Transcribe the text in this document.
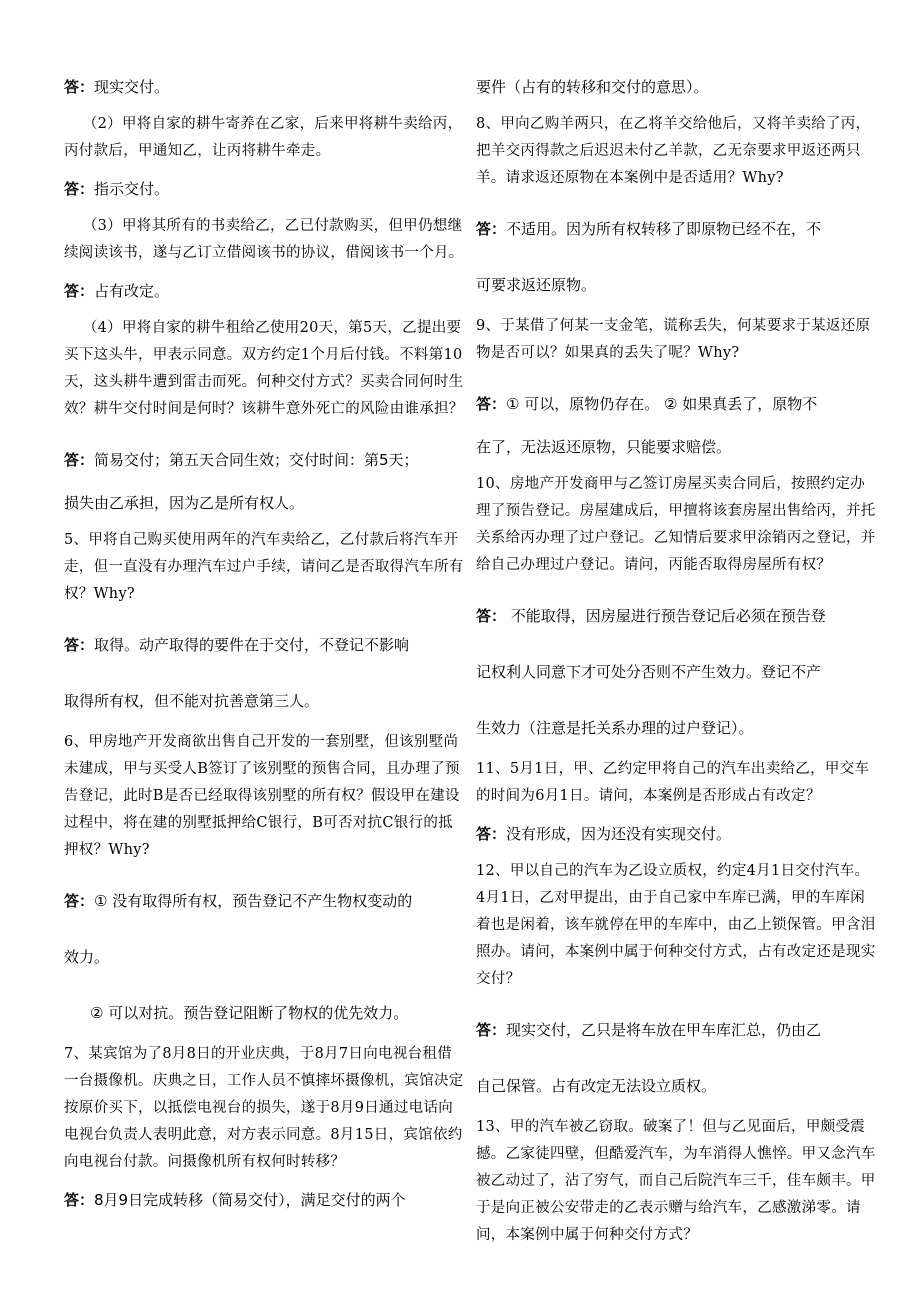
答：现实交付。

（2）甲将自家的耕牛寄养在乙家，后来甲将耕牛卖给丙，丙付款后，甲通知乙，让丙将耕牛牵走。

答：指示交付。

（3）甲将其所有的书卖给乙，乙已付款购买，但甲仍想继续阅读该书，遂与乙订立借阅该书的协议，借阅该书一个月。

答：占有改定。

（4）甲将自家的耕牛租给乙使用20天，第5天，乙提出要买下这头牛，甲表示同意。双方约定1个月后付钱。不料第10天，这头耕牛遭到雷击而死。何种交付方式？买卖合同何时生效？耕牛交付时间是何时？该耕牛意外死亡的风险由谁承担？

答：简易交付；第五天合同生效；交付时间：第5天；

损失由乙承担，因为乙是所有权人。

5、甲将自己购买使用两年的汽车卖给乙，乙付款后将汽车开走，但一直没有办理汽车过户手续，请问乙是否取得汽车所有权？Why?

答：取得。动产取得的要件在于交付，不登记不影响

取得所有权，但不能对抗善意第三人。

6、甲房地产开发商欲出售自己开发的一套别墅，但该别墅尚未建成，甲与买受人B签订了该别墅的预售合同，且办理了预告登记，此时B是否已经取得该别墅的所有权？假设甲在建设过程中，将在建的别墅抵押给C银行，B可否对抗C银行的抵押权？Why?

答：① 没有取得所有权，预告登记不产生物权变动的

效力。

② 可以对抗。预告登记阻断了物权的优先效力。

7、某宾馆为了8月8日的开业庆典，于8月7日向电视台租借一台摄像机。庆典之日，工作人员不慎摔坏摄像机，宾馆决定按原价买下，以抵偿电视台的损失，遂于8月9日通过电话向电视台负责人表明此意，对方表示同意。8月15日，宾馆依约向电视台付款。问摄像机所有权何时转移？

答：8月9日完成转移（简易交付），满足交付的两个

要件（占有的转移和交付的意思）。

8、甲向乙购羊两只，在乙将羊交给他后，又将羊卖给了丙，把羊交丙得款之后迟迟未付乙羊款，乙无奈要求甲返还两只羊。请求返还原物在本案例中是否适用？Why?

答：不适用。因为所有权转移了即原物已经不在，不

可要求返还原物。

9、于某借了何某一支金笔，谎称丢失，何某要求于某返还原物是否可以？如果真的丢失了呢？Why?

答：① 可以，原物仍存在。 ② 如果真丢了，原物不

在了，无法返还原物，只能要求赔偿。

10、房地产开发商甲与乙签订房屋买卖合同后，按照约定办理了预告登记。房屋建成后，甲擅将该套房屋出售给丙，并托关系给丙办理了过户登记。乙知情后要求甲涂销丙之登记，并给自己办理过户登记。请问，丙能否取得房屋所有权？

答： 不能取得，因房屋进行预告登记后必须在预告登

记权利人同意下才可处分否则不产生效力。登记不产

生效力（注意是托关系办理的过户登记）。

11、5月1日，甲、乙约定甲将自己的汽车出卖给乙，甲交车的时间为6月1日。请问，本案例是否形成占有改定？

答：没有形成，因为还没有实现交付。

12、甲以自己的汽车为乙设立质权，约定4月1日交付汽车。4月1日，乙对甲提出，由于自己家中车库已满，甲的车库闲着也是闲着，该车就停在甲的车库中，由乙上锁保管。甲含泪照办。请问，本案例中属于何种交付方式，占有改定还是现实交付？

答：现实交付，乙只是将车放在甲车库汇总，仍由乙

自己保管。占有改定无法设立质权。

13、甲的汽车被乙窃取。破案了！但与乙见面后，甲颇受震撼。乙家徒四壁，但酷爱汽车，为车消得人憔悴。甲又念汽车被乙动过了，沾了穷气，而自己后院汽车三千，佳车颇丰。甲于是向正被公安带走的乙表示赠与给汽车，乙感激涕零。请问，本案例中属于何种交付方式？
